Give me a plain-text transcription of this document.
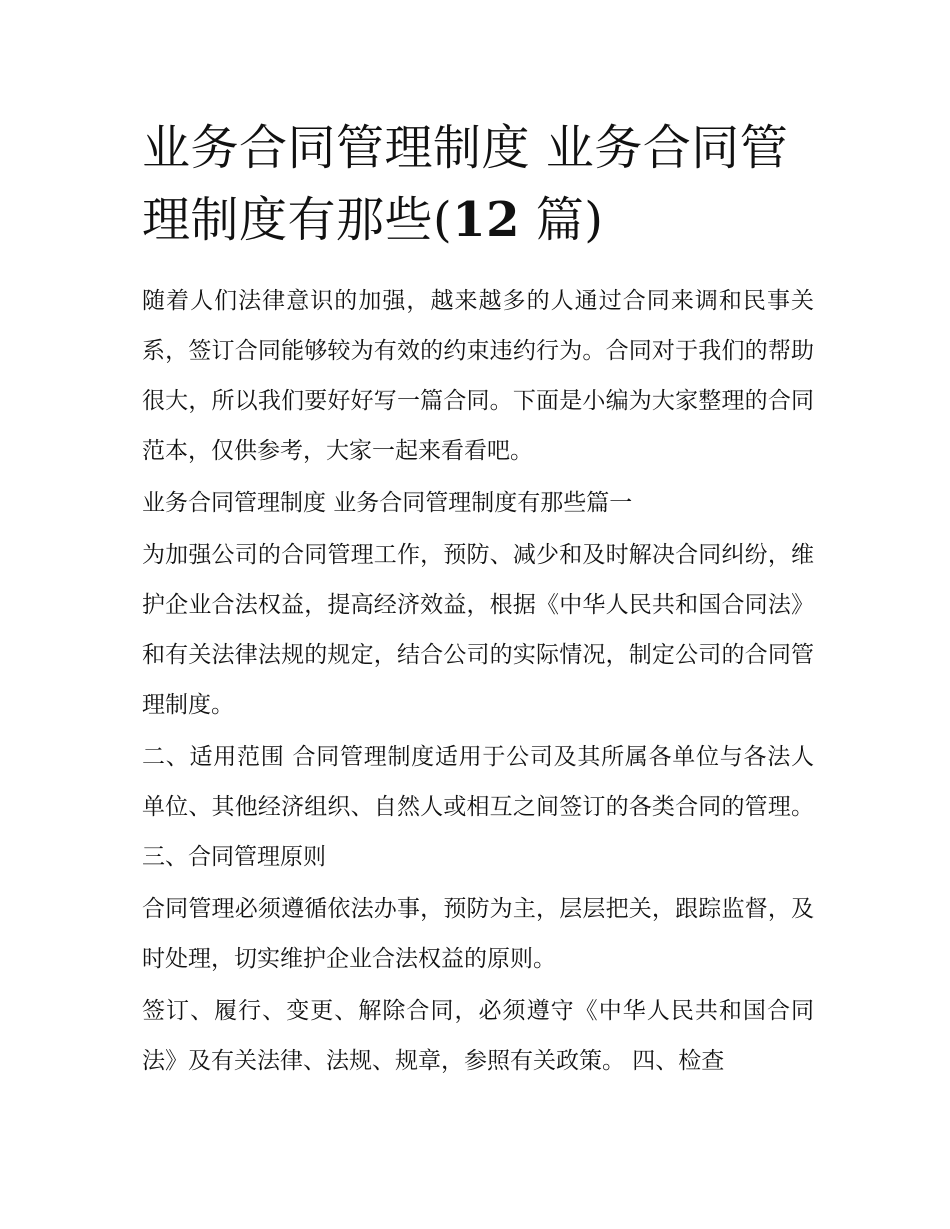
业务合同管理制度 业务合同管理制度有那些(12 篇)

随着人们法律意识的加强，越来越多的人通过合同来调和民事关系，签订合同能够较为有效的约束违约行为。合同对于我们的帮助很大，所以我们要好好写一篇合同。下面是小编为大家整理的合同范本，仅供参考，大家一起来看看吧。

业务合同管理制度 业务合同管理制度有那些篇一

为加强公司的合同管理工作，预防、减少和及时解决合同纠纷，维护企业合法权益，提高经济效益，根据《中华人民共和国合同法》和有关法律法规的规定，结合公司的实际情况，制定公司的合同管理制度。

二、适用范围 合同管理制度适用于公司及其所属各单位与各法人单位、其他经济组织、自然人或相互之间签订的各类合同的管理。 三、合同管理原则

合同管理必须遵循依法办事，预防为主，层层把关，跟踪监督，及时处理，切实维护企业合法权益的原则。

签订、履行、变更、解除合同，必须遵守《中华人民共和国合同法》及有关法律、法规、规章，参照有关政策。 四、检查
